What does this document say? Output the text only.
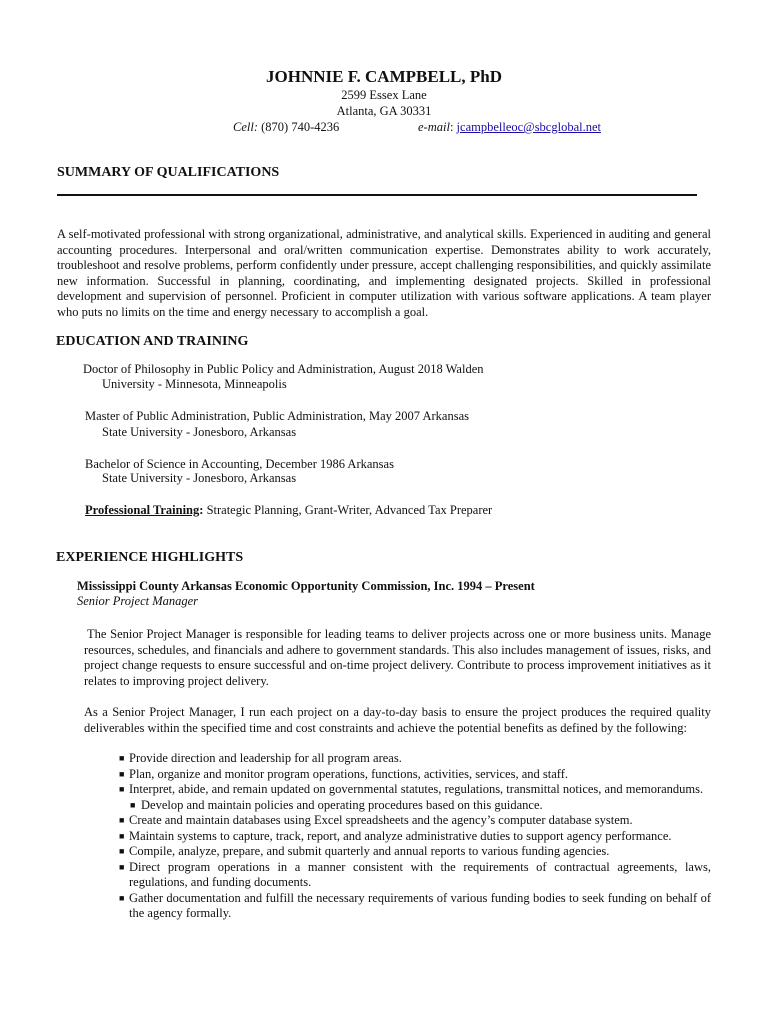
JOHNNIE F. CAMPBELL, PhD
2599 Essex Lane
Atlanta, GA 30331
Cell: (870) 740-4236	e-mail: jcampbelleoc@sbcglobal.net
SUMMARY OF QUALIFICATIONS
A self-motivated professional with strong organizational, administrative, and analytical skills. Experienced in auditing and general accounting procedures. Interpersonal and oral/written communication expertise. Demonstrates ability to work accurately, troubleshoot and resolve problems, perform confidently under pressure, accept challenging responsibilities, and quickly assimilate new information. Successful in planning, coordinating, and implementing designated projects. Skilled in professional development and supervision of personnel. Proficient in computer utilization with various software applications. A team player who puts no limits on the time and energy necessary to accomplish a goal.
EDUCATION AND TRAINING
Doctor of Philosophy in Public Policy and Administration, August 2018 Walden
University - Minnesota, Minneapolis
Master of Public Administration, Public Administration, May 2007 Arkansas
State University - Jonesboro, Arkansas
Bachelor of Science in Accounting, December 1986 Arkansas
State University - Jonesboro, Arkansas
Professional Training: Strategic Planning, Grant-Writer, Advanced Tax Preparer
EXPERIENCE HIGHLIGHTS
Mississippi County Arkansas Economic Opportunity Commission, Inc. 1994 – Present
Senior Project Manager
The Senior Project Manager is responsible for leading teams to deliver projects across one or more business units. Manage resources, schedules, and financials and adhere to government standards. This also includes management of issues, risks, and project change requests to ensure successful and on-time project delivery. Contribute to process improvement initiatives as it relates to improving project delivery.
As a Senior Project Manager, I run each project on a day-to-day basis to ensure the project produces the required quality deliverables within the specified time and cost constraints and achieve the potential benefits as defined by the following:
■ Provide direction and leadership for all program areas.
■ Plan, organize and monitor program operations, functions, activities, services, and staff.
■ Interpret, abide, and remain updated on governmental statutes, regulations, transmittal notices, and memorandums.
■ Develop and maintain policies and operating procedures based on this guidance.
■ Create and maintain databases using Excel spreadsheets and the agency’s computer database system.
■ Maintain systems to capture, track, report, and analyze administrative duties to support agency performance.
■ Compile, analyze, prepare, and submit quarterly and annual reports to various funding agencies.
■ Direct program operations in a manner consistent with the requirements of contractual agreements, laws, regulations, and funding documents.
■ Gather documentation and fulfill the necessary requirements of various funding bodies to seek funding on behalf of the agency formally.
